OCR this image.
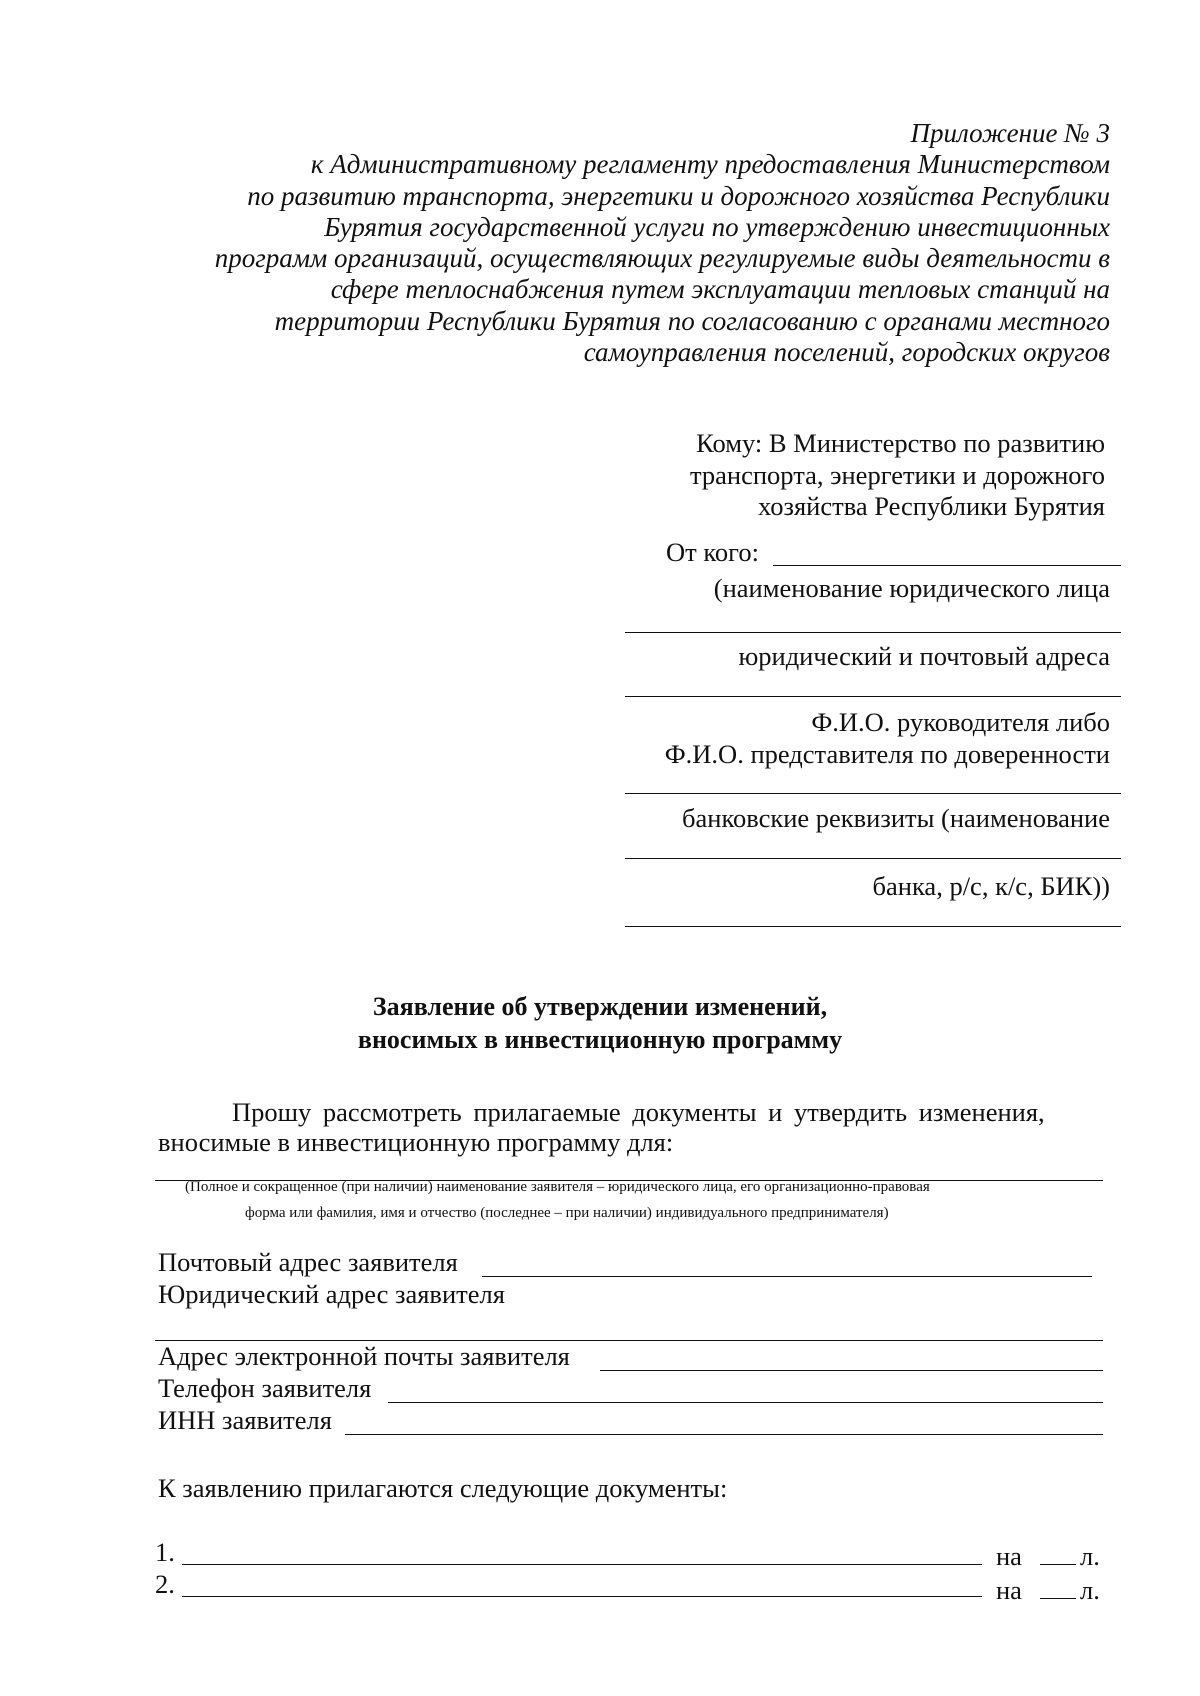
Приложение № 3
к Административному регламенту предоставления Министерством
по развитию транспорта, энергетики и дорожного хозяйства Республики
Бурятия государственной услуги по утверждению инвестиционных
программ организаций, осуществляющих регулируемые виды деятельности в
сфере теплоснабжения путем эксплуатации тепловых станций на
территории Республики Бурятия по согласованию с органами местного
самоуправления поселений, городских округов
Кому: В Министерство по развитию
транспорта, энергетики и дорожного
хозяйства Республики Бурятия
От кого:
(наименование юридического лица
юридический и почтовый адреса
Ф.И.О. руководителя либо
Ф.И.О. представителя по доверенности
банковские реквизиты (наименование
банка, р/с, к/с, БИК))
Заявление об утверждении изменений,
вносимых в инвестиционную программу
Прошу рассмотреть прилагаемые документы и утвердить изменения,
вносимые в инвестиционную программу для:
(Полное и сокращенное (при наличии) наименование заявителя – юридического лица, его организационно-правовая
форма или фамилия, имя и отчество (последнее – при наличии) индивидуального предпринимателя)
Почтовый адрес заявителя
Юридический адрес заявителя
Адрес электронной почты заявителя
Телефон заявителя
ИНН заявителя
К заявлению прилагаются следующие документы:
1.	на л.
2.	на л.
